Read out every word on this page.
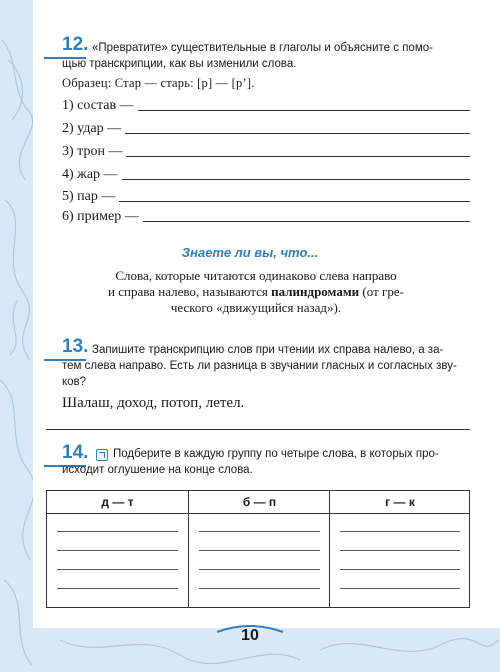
12. «Превратите» существительные в глаголы и объясните с помо-
щью транскрипции, как вы изменили слова.
Образец: Стар — старь: [р] — [р’].
1) состав —
2) удар —
3) трон —
4) жар —
5) пар —
6) пример —
Знаете ли вы, что...
Слова, которые читаются одинаково слева направо
и справа налево, называются палиндромами (от гре-
ческого «движущийся назад»).
13. Запишите транскрипцию слов при чтении их справа налево, а за-
тем слева направо. Есть ли разница в звучании гласных и согласных зву-
ков?
Шалаш, доход, потоп, летел.
14. Подберите в каждую группу по четыре слова, в которых про-
исходит оглушение на конце слова.
д — т	б — п	г — к
10
